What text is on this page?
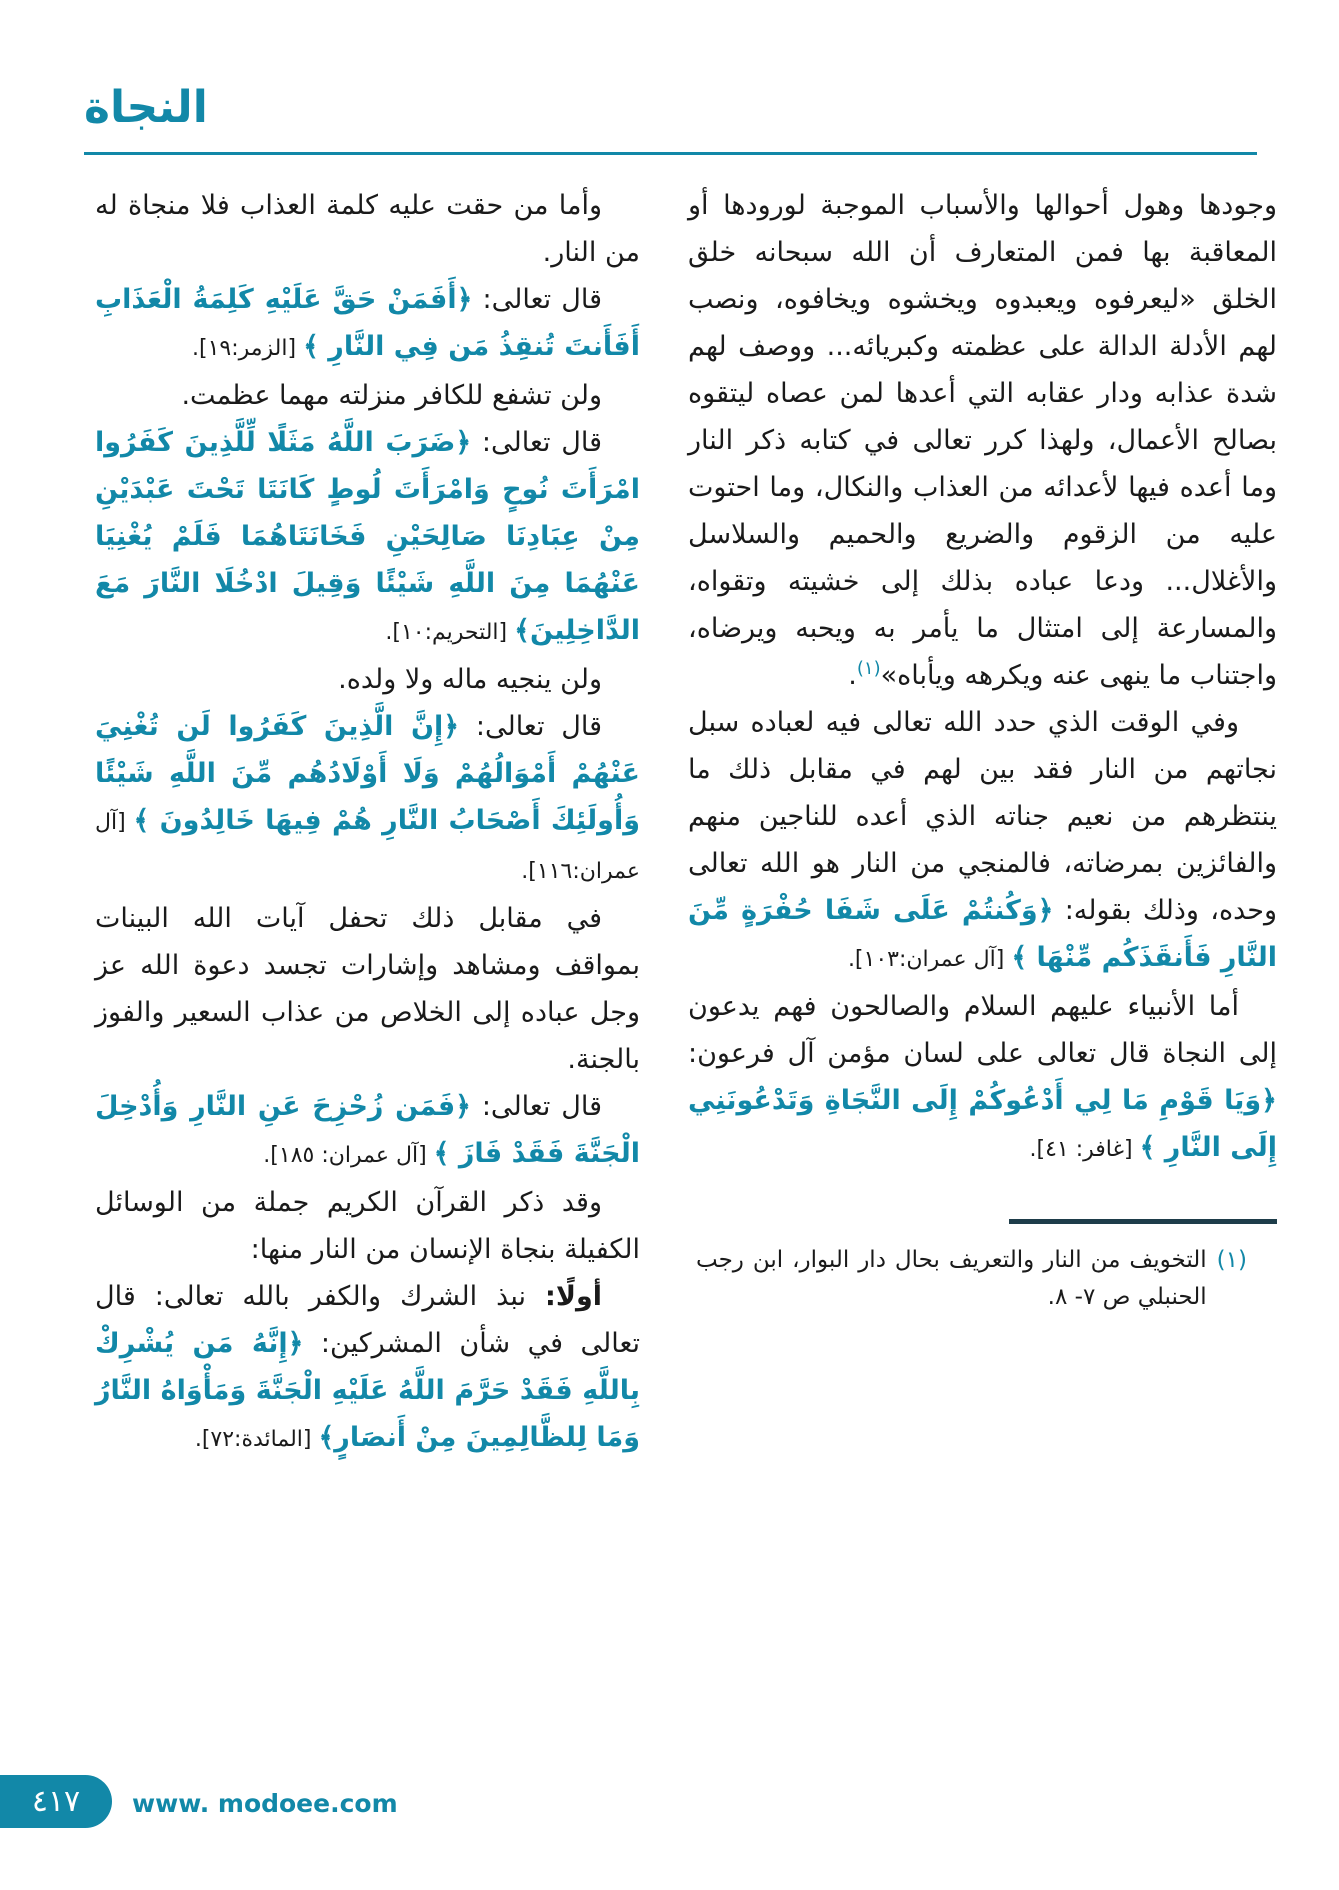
النجاة
وجودها وهول أحوالها والأسباب الموجبة لورودها أو المعاقبة بها فمن المتعارف أن الله سبحانه خلق الخلق «ليعرفوه ويعبدوه ويخشوه ويخافوه، ونصب لهم الأدلة الدالة على عظمته وكبريائه... ووصف لهم شدة عذابه ودار عقابه التي أعدها لمن عصاه ليتقوه بصالح الأعمال، ولهذا كرر تعالى في كتابه ذكر النار وما أعده فيها لأعدائه من العذاب والنكال، وما احتوت عليه من الزقوم والضريع والحميم والسلاسل والأغلال... ودعا عباده بذلك إلى خشيته وتقواه، والمسارعة إلى امتثال ما يأمر به ويحبه ويرضاه، واجتناب ما ينهى عنه ويكرهه ويأباه»$^{(١)}$.
وفي الوقت الذي حدد الله تعالى فيه لعباده سبل نجاتهم من النار فقد بين لهم في مقابل ذلك ما ينتظرهم من نعيم جناته الذي أعده للناجين منهم والفائزين بمرضاته، فالمنجي من النار هو الله تعالى وحده، وذلك بقوله: ﴿وَكُنتُمْ عَلَى شَفَا حُفْرَةٍ مِّنَ النَّارِ فَأَنقَذَكُم مِّنْهَا ﴾ [آل عمران:١٠٣].
أما الأنبياء عليهم السلام والصالحون فهم يدعون إلى النجاة قال تعالى على لسان مؤمن آل فرعون: ﴿وَيَا قَوْمِ مَا لِي أَدْعُوكُمْ إِلَى النَّجَاةِ وَتَدْعُونَنِي إِلَى النَّارِ ﴾ [غافر: ٤١].
(١)
التخويف من النار والتعريف بحال دار البوار، ابن رجب الحنبلي ص ٧- ٨.
وأما من حقت عليه كلمة العذاب فلا منجاة له من النار.
قال تعالى: ﴿أَفَمَنْ حَقَّ عَلَيْهِ كَلِمَةُ الْعَذَابِ أَفَأَنتَ تُنقِذُ مَن فِي النَّارِ ﴾ [الزمر:١٩].
ولن تشفع للكافر منزلته مهما عظمت.
قال تعالى: ﴿ضَرَبَ اللَّهُ مَثَلًا لِّلَّذِينَ كَفَرُوا امْرَأَتَ نُوحٍ وَامْرَأَتَ لُوطٍ كَانَتَا تَحْتَ عَبْدَيْنِ مِنْ عِبَادِنَا صَالِحَيْنِ فَخَانَتَاهُمَا فَلَمْ يُغْنِيَا عَنْهُمَا مِنَ اللَّهِ شَيْئًا وَقِيلَ ادْخُلَا النَّارَ مَعَ الدَّاخِلِينَ﴾ [التحريم:١٠].
ولن ينجيه ماله ولا ولده.
قال تعالى: ﴿إِنَّ الَّذِينَ كَفَرُوا لَن تُغْنِيَ عَنْهُمْ أَمْوَالُهُمْ وَلَا أَوْلَادُهُم مِّنَ اللَّهِ شَيْئًا وَأُولَئِكَ أَصْحَابُ النَّارِ هُمْ فِيهَا خَالِدُونَ ﴾ [آل عمران:١١٦].
في مقابل ذلك تحفل آيات الله البينات بمواقف ومشاهد وإشارات تجسد دعوة الله عز وجل عباده إلى الخلاص من عذاب السعير والفوز بالجنة.
قال تعالى: ﴿فَمَن زُحْزِحَ عَنِ النَّارِ وَأُدْخِلَ الْجَنَّةَ فَقَدْ فَازَ ﴾ [آل عمران: ١٨٥].
وقد ذكر القرآن الكريم جملة من الوسائل الكفيلة بنجاة الإنسان من النار منها:
أولًا: نبذ الشرك والكفر بالله تعالى: قال تعالى في شأن المشركين: ﴿إِنَّهُ مَن يُشْرِكْ بِاللَّهِ فَقَدْ حَرَّمَ اللَّهُ عَلَيْهِ الْجَنَّةَ وَمَأْوَاهُ النَّارُ وَمَا لِلظَّالِمِينَ مِنْ أَنصَارٍ﴾ [المائدة:٧٢].
٤١٧ www. modoee.com
